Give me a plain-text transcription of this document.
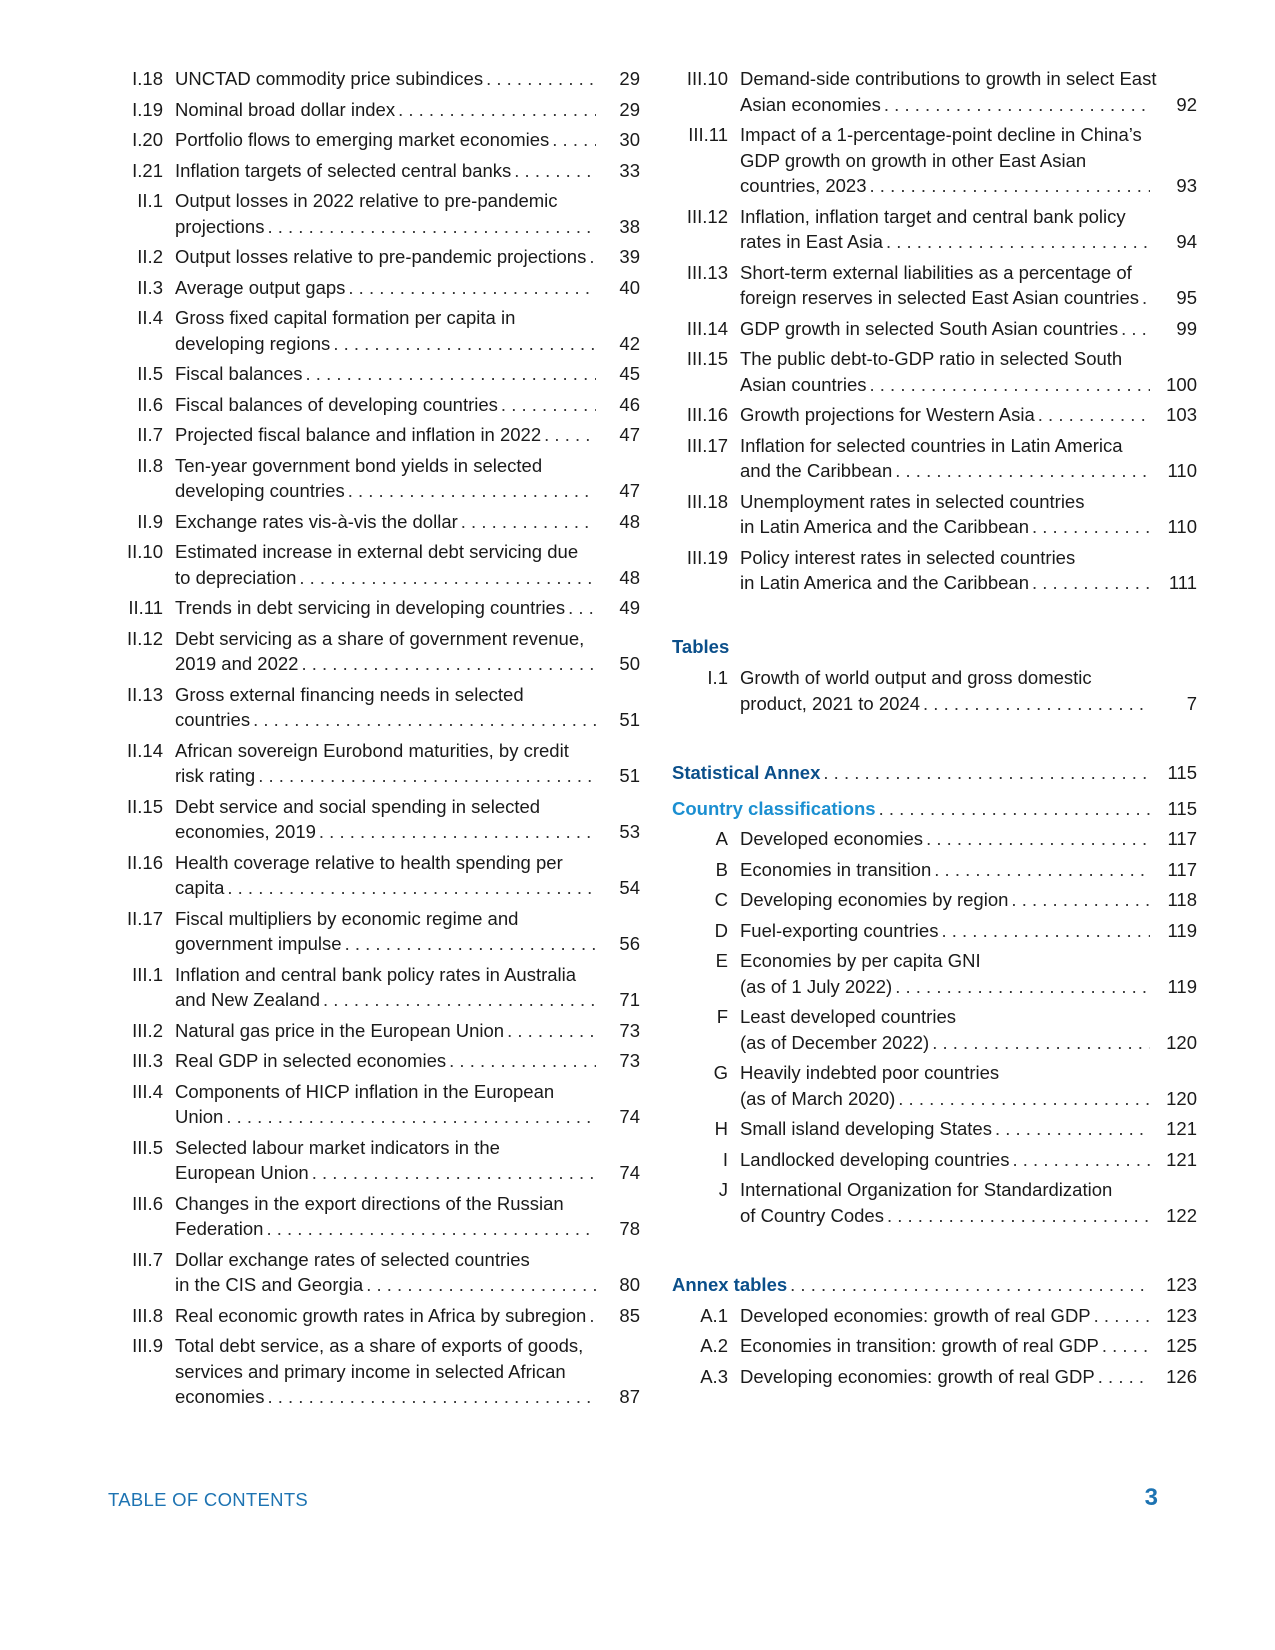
I.18 UNCTAD commodity price subindices . . .	29
I.19 Nominal broad dollar index . . .	29
I.20 Portfolio flows to emerging market economies . . .	30
I.21 Inflation targets of selected central banks . . .	33
II.1 Output losses in 2022 relative to pre-pandemic
projections . . .	38
II.2 Output losses relative to pre-pandemic projections . . .	39
II.3 Average output gaps . . .	40
II.4 Gross fixed capital formation per capita in
developing regions . . .	42
II.5 Fiscal balances . . .	45
II.6 Fiscal balances of developing countries . . .	46
II.7 Projected fiscal balance and inflation in 2022 . . .	47
II.8 Ten-year government bond yields in selected
developing countries . . .	47
II.9 Exchange rates vis-à-vis the dollar . . .	48
II.10 Estimated increase in external debt servicing due
to depreciation . . .	48
II.11 Trends in debt servicing in developing countries . . .	49
II.12 Debt servicing as a share of government revenue,
2019 and 2022 . . .	50
II.13 Gross external financing needs in selected
countries . . .	51
II.14 African sovereign Eurobond maturities, by credit
risk rating . . .	51
II.15 Debt service and social spending in selected
economies, 2019 . . .	53
II.16 Health coverage relative to health spending per
capita . . .	54
II.17 Fiscal multipliers by economic regime and
government impulse . . .	56
III.1 Inflation and central bank policy rates in Australia
and New Zealand . . .	71
III.2 Natural gas price in the European Union . . .	73
III.3 Real GDP in selected economies . . .	73
III.4 Components of HICP inflation in the European
Union . . .	74
III.5 Selected labour market indicators in the
European Union . . .	74
III.6 Changes in the export directions of the Russian
Federation . . .	78
III.7 Dollar exchange rates of selected countries
in the CIS and Georgia . . .	80
III.8 Real economic growth rates in Africa by subregion . . .	85
III.9 Total debt service, as a share of exports of goods,
services and primary income in selected African
economies . . .	87
III.10 Demand-side contributions to growth in select East
Asian economies . . .	92
III.11 Impact of a 1-percentage-point decline in China’s
GDP growth on growth in other East Asian
countries, 2023 . . .	93
III.12 Inflation, inflation target and central bank policy
rates in East Asia . . .	94
III.13 Short-term external liabilities as a percentage of
foreign reserves in selected East Asian countries . . .	95
III.14 GDP growth in selected South Asian countries . . .	99
III.15 The public debt-to-GDP ratio in selected South
Asian countries . . .	100
III.16 Growth projections for Western Asia . . .	103
III.17 Inflation for selected countries in Latin America
and the Caribbean . . .	110
III.18 Unemployment rates in selected countries
in Latin America and the Caribbean . . .	110
III.19 Policy interest rates in selected countries
in Latin America and the Caribbean . . .	111
Tables
I.1 Growth of world output and gross domestic
product, 2021 to 2024 . . .	7
Statistical Annex . . .	115
Country classifications . . .	115
A Developed economies . . .	117
B Economies in transition . . .	117
C Developing economies by region . . .	118
D Fuel-exporting countries . . .	119
E Economies by per capita GNI
(as of 1 July 2022) . . .	119
F Least developed countries
(as of December 2022) . . .	120
G Heavily indebted poor countries
(as of March 2020) . . .	120
H Small island developing States . . .	121
I Landlocked developing countries . . .	121
J International Organization for Standardization
of Country Codes . . .	122
Annex tables . . .	123
A.1 Developed economies: growth of real GDP . . .	123
A.2 Economies in transition: growth of real GDP . . .	125
A.3 Developing economies: growth of real GDP . . .	126
TABLE OF CONTENTS	3
